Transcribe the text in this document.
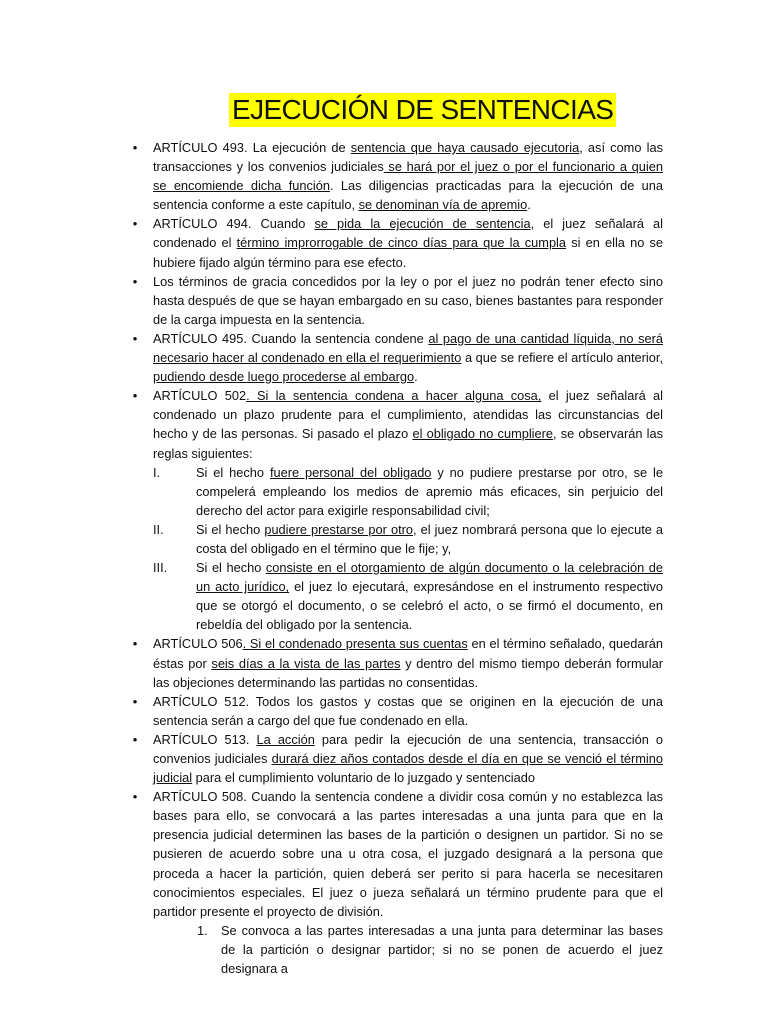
EJECUCIÓN DE SENTENCIAS

• ARTÍCULO 493. La ejecución de sentencia que haya causado ejecutoria, así como las transacciones y los convenios judiciales se hará por el juez o por el funcionario a quien se encomiende dicha función. Las diligencias practicadas para la ejecución de una sentencia conforme a este capítulo, se denominan vía de apremio.

• ARTÍCULO 494. Cuando se pida la ejecución de sentencia, el juez señalará al condenado el término improrrogable de cinco días para que la cumpla si en ella no se hubiere fijado algún término para ese efecto.

• Los términos de gracia concedidos por la ley o por el juez no podrán tener efecto sino hasta después de que se hayan embargado en su caso, bienes bastantes para responder de la carga impuesta en la sentencia.

• ARTÍCULO 495. Cuando la sentencia condene al pago de una cantidad líquida, no será necesario hacer al condenado en ella el requerimiento a que se refiere el artículo anterior, pudiendo desde luego procederse al embargo.

• ARTÍCULO 502. Si la sentencia condena a hacer alguna cosa, el juez señalará al condenado un plazo prudente para el cumplimiento, atendidas las circunstancias del hecho y de las personas. Si pasado el plazo el obligado no cumpliere, se observarán las reglas siguientes:

I.	Si el hecho fuere personal del obligado y no pudiere prestarse por otro, se le compelerá empleando los medios de apremio más eficaces, sin perjuicio del derecho del actor para exigirle responsabilidad civil;

II.	Si el hecho pudiere prestarse por otro, el juez nombrará persona que lo ejecute a costa del obligado en el término que le fije; y,

III. Si el hecho consiste en el otorgamiento de algún documento o la celebración de un acto jurídico, el juez lo ejecutará, expresándose en el instrumento respectivo que se otorgó el documento, o se celebró el acto, o se firmó el documento, en rebeldía del obligado por la sentencia.

• ARTÍCULO 506. Si el condenado presenta sus cuentas en el término señalado, quedarán éstas por seis días a la vista de las partes y dentro del mismo tiempo deberán formular las objeciones determinando las partidas no consentidas.

• ARTÍCULO 512. Todos los gastos y costas que se originen en la ejecución de una sentencia serán a cargo del que fue condenado en ella.

• ARTÍCULO 513. La acción para pedir la ejecución de una sentencia, transacción o convenios judiciales durará diez años contados desde el día en que se venció el término judicial para el cumplimiento voluntario de lo juzgado y sentenciado

• ARTÍCULO 508. Cuando la sentencia condene a dividir cosa común y no establezca las bases para ello, se convocará a las partes interesadas a una junta para que en la presencia judicial determinen las bases de la partición o designen un partidor. Si no se pusieren de acuerdo sobre una u otra cosa, el juzgado designará a la persona que proceda a hacer la partición, quien deberá ser perito si para hacerla se necesitaren conocimientos especiales. El juez o jueza señalará un término prudente para que el partidor presente el proyecto de división.

1. Se convoca a las partes interesadas a una junta para determinar las bases de la partición o designar partidor; si no se ponen de acuerdo el juez designara a
